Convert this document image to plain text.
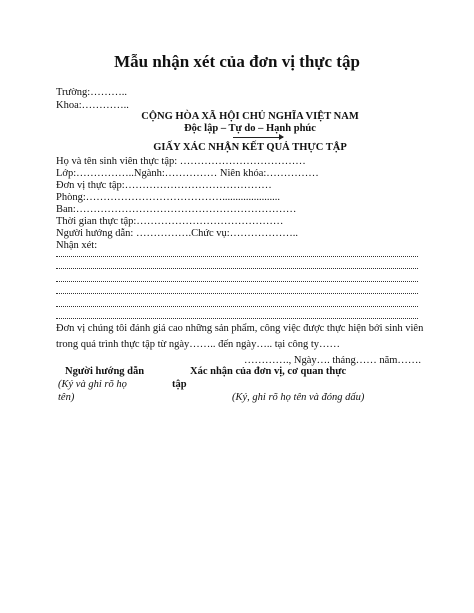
Mẫu nhận xét của đơn vị thực tập
Trường:………..
Khoa:…………..
CỘNG HÒA XÃ HỘI CHỦ NGHĨA VIỆT NAM
Độc lập – Tự do – Hạnh phúc
GIẤY XÁC NHẬN KẾT QUẢ THỰC TẬP
Họ và tên sinh viên thực tập: ………………………………
Lớp:……………..Ngành:…………… Niên khóa:……………
Đơn vị thực tập:……………………………………
Phòng:…………………………………......................
Ban:………………………………………………………
Thời gian thực tập:……………………………………
Người hướng dẫn: …………….Chức vụ:………………..
Nhận xét:
Đơn vị chúng tôi đánh giá cao những sản phẩm, công việc được thực hiện bởi sinh viên
trong quá trình thực tập từ ngày…….. đến ngày….. tại công ty……
…………., Ngày…. tháng…… năm…….
Người hướng dẫn
(Ký và ghi rõ họ
tên)
Xác nhận của đơn vị, cơ quan thực
tập
(Ký, ghi rõ họ tên và đóng dấu)
